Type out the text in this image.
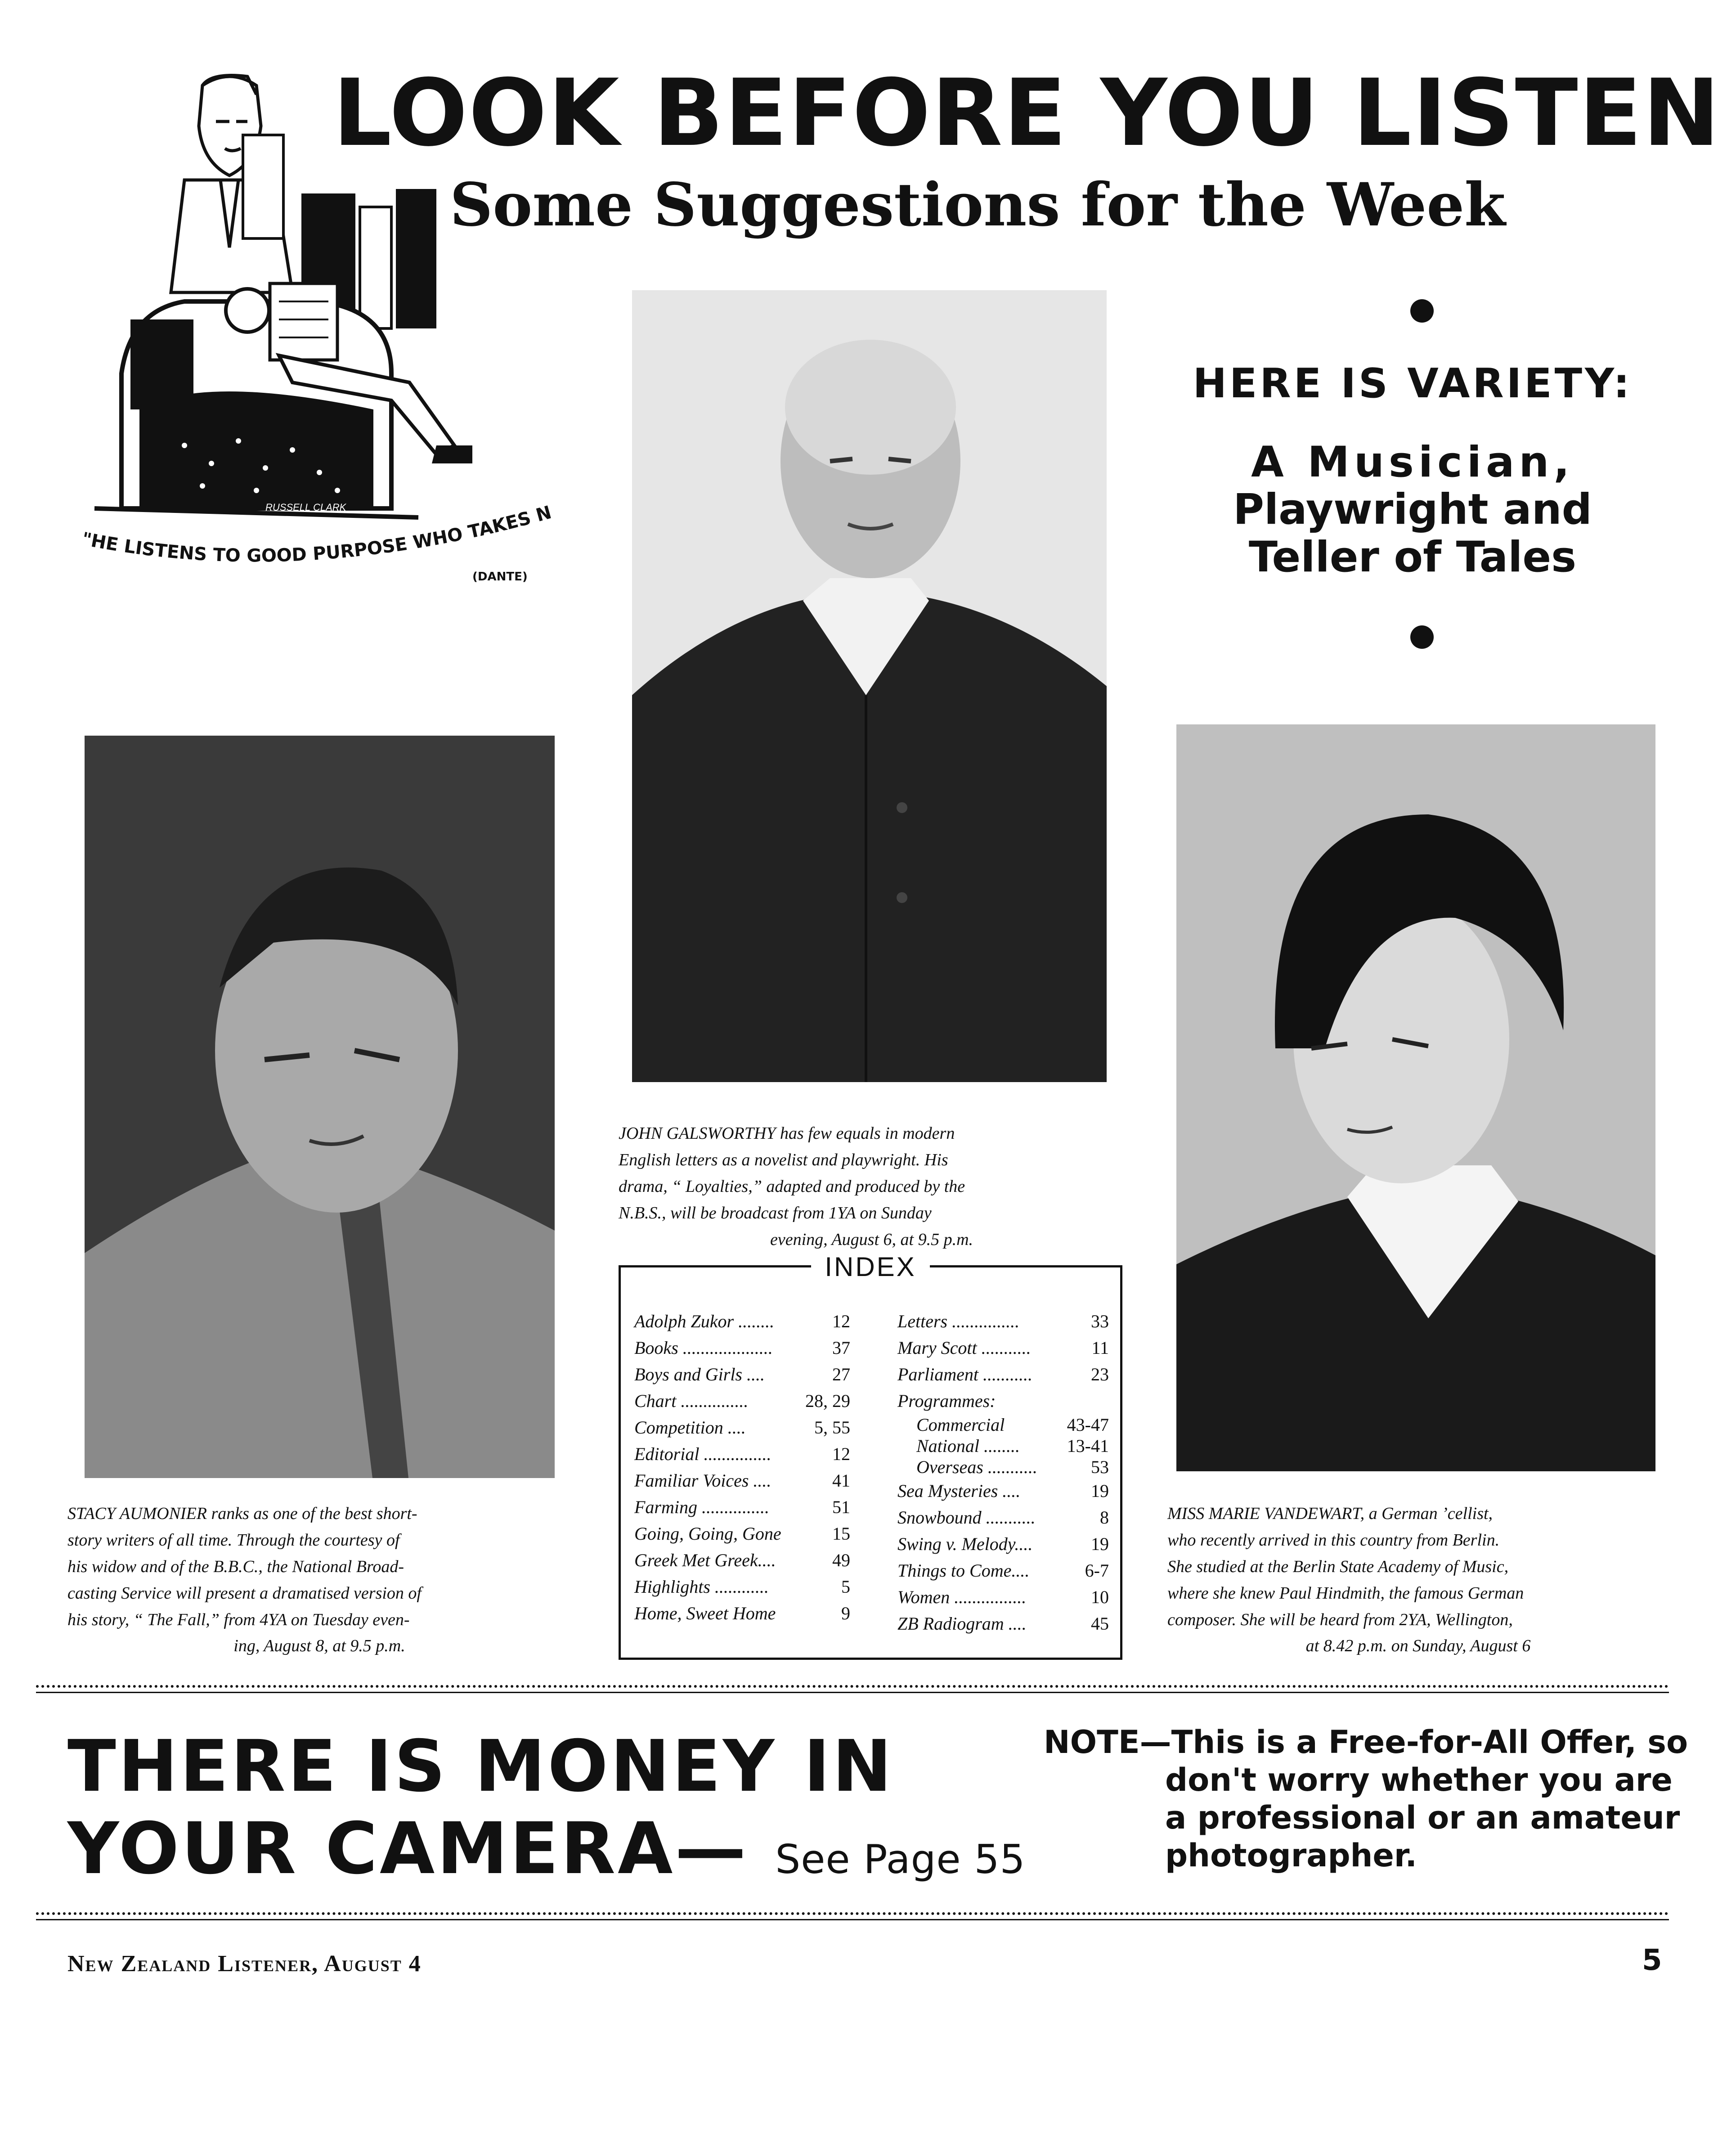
LOOK BEFORE YOU LISTEN
Some Suggestions for the Week
RUSSELL CLARK
"HE LISTENS TO GOOD PURPOSE WHO TAKES N
(DANTE)
HERE IS VARIETY:
A Musician,
Playwright and
Teller of Tales
JOHN GALSWORTHY has few equals in modern
English letters as a novelist and playwright. His
drama, “ Loyalties,” adapted and produced by the
N.B.S., will be broadcast from 1YA on Sunday
evening, August 6, at 9.5 p.m.
STACY AUMONIER ranks as one of the best short-
story writers of all time. Through the courtesy of
his widow and of the B.B.C., the National Broad-
casting Service will present a dramatised version of
his story, “ The Fall,” from 4YA on Tuesday even-
ing, August 8, at 9.5 p.m.
MISS MARIE VANDEWART, a German ’cellist,
who recently arrived in this country from Berlin.
She studied at the Berlin State Academy of Music,
where she knew Paul Hindmith, the famous German
composer. She will be heard from 2YA, Wellington,
at 8.42 p.m. on Sunday, August 6
INDEX
Adolph Zukor ........	12
Books ....................	37
Boys and Girls ....	27
Chart ...............	28, 29
Competition ....	5, 55
Editorial ...............	12
Familiar Voices ....	41
Farming ...............	51
Going, Going, Gone	15
Greek Met Greek....	49
Highlights ............	5
Home, Sweet Home	9
Letters ...............	33
Mary Scott ...........	11
Parliament ...........	23
Programmes:
Commercial	43-47
National ........	13-41
Overseas ...........	53
Sea Mysteries ....	19
Snowbound ...........	8
Swing v. Melody....	19
Things to Come....	6-7
Women ................	10
ZB Radiogram ....	45
THERE IS MONEY IN
YOUR CAMERA— See Page 55
NOTE—This is a Free-for-All Offer, so
don't worry whether you are
a professional or an amateur
photographer.
New Zealand Listener, August 4	5
